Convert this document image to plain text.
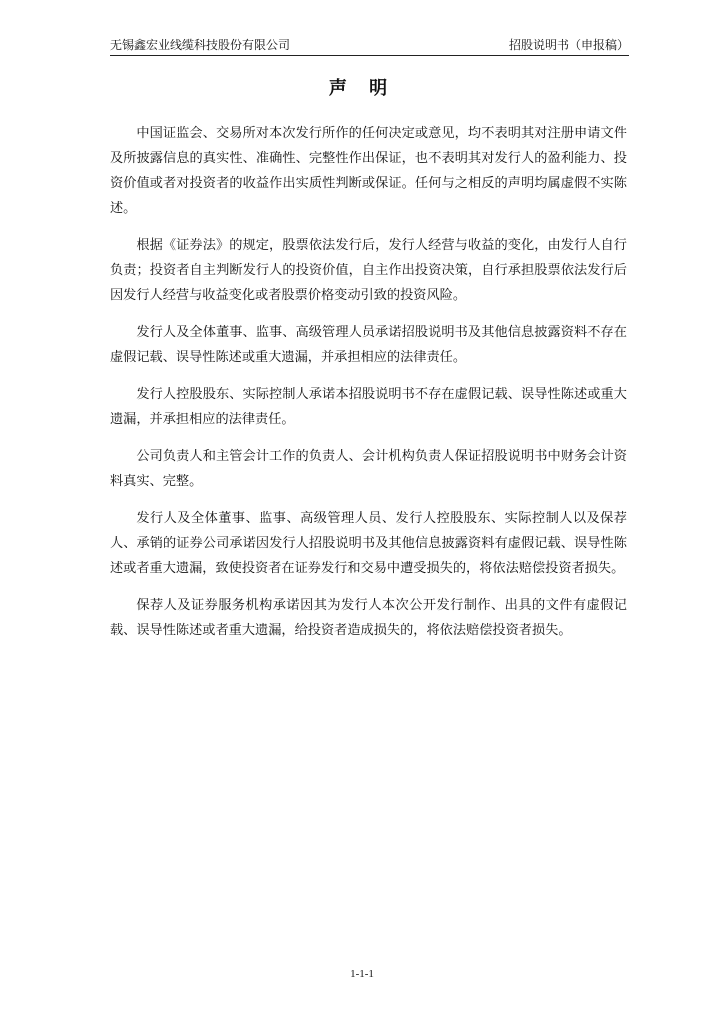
无锡鑫宏业线缆科技股份有限公司	招股说明书（申报稿）
声 明

中国证监会、交易所对本次发行所作的任何决定或意见，均不表明其对注册申请文件及所披露信息的真实性、准确性、完整性作出保证，也不表明其对发行人的盈利能力、投资价值或者对投资者的收益作出实质性判断或保证。任何与之相反的声明均属虚假不实陈述。

根据《证券法》的规定，股票依法发行后，发行人经营与收益的变化，由发行人自行负责；投资者自主判断发行人的投资价值，自主作出投资决策，自行承担股票依法发行后因发行人经营与收益变化或者股票价格变动引致的投资风险。

发行人及全体董事、监事、高级管理人员承诺招股说明书及其他信息披露资料不存在虚假记载、误导性陈述或重大遗漏，并承担相应的法律责任。

发行人控股股东、实际控制人承诺本招股说明书不存在虚假记载、误导性陈述或重大遗漏，并承担相应的法律责任。

公司负责人和主管会计工作的负责人、会计机构负责人保证招股说明书中财务会计资料真实、完整。

发行人及全体董事、监事、高级管理人员、发行人控股股东、实际控制人以及保荐人、承销的证券公司承诺因发行人招股说明书及其他信息披露资料有虚假记载、误导性陈述或者重大遗漏，致使投资者在证券发行和交易中遭受损失的，将依法赔偿投资者损失。

保荐人及证券服务机构承诺因其为发行人本次公开发行制作、出具的文件有虚假记载、误导性陈述或者重大遗漏，给投资者造成损失的，将依法赔偿投资者损失。

1-1-1
